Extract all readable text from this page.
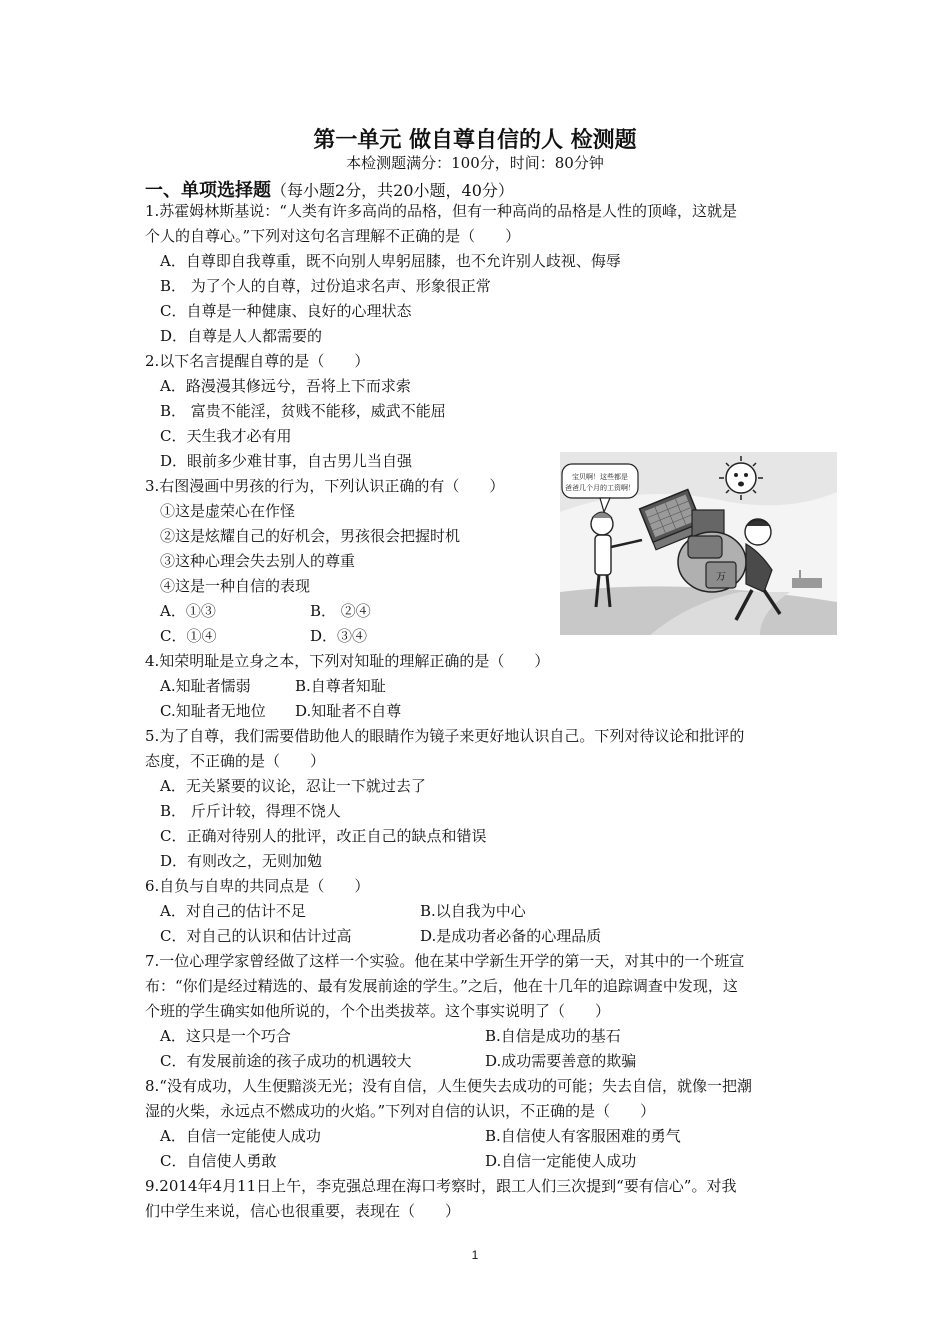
第一单元 做自尊自信的人 检测题
本检测题满分：100分，时间：80分钟
一、单项选择题（每小题2分，共20小题，40分）
1.苏霍姆林斯基说：“人类有许多高尚的品格，但有一种高尚的品格是人性的顶峰，这就是
个人的自尊心。”下列对这句名言理解不正确的是（　　）
A．自尊即自我尊重，既不向别人卑躬屈膝，也不允许别人歧视、侮辱
B． 为了个人的自尊，过份追求名声、形象很正常
C．自尊是一种健康、良好的心理状态
D．自尊是人人都需要的
2.以下名言提醒自尊的是（　　）
A．路漫漫其修远兮，吾将上下而求索
B． 富贵不能淫，贫贱不能移，威武不能屈
C．天生我才必有用
D．眼前多少难甘事，自古男儿当自强
3.右图漫画中男孩的行为，下列认识正确的有（　　）
①这是虚荣心在作怪
②这是炫耀自己的好机会，男孩很会把握时机
③这种心理会失去别人的尊重
④这是一种自信的表现
A．①③	B． ②④
C．①④	D．③④
宝贝啊！这些都是
爸爸几个月的工资啊！
万
4.知荣明耻是立身之本，下列对知耻的理解正确的是（　　）
A.知耻者懦弱	B.自尊者知耻
C.知耻者无地位 D.知耻者不自尊
5.为了自尊，我们需要借助他人的眼睛作为镜子来更好地认识自己。下列对待议论和批评的
态度，不正确的是（　　）
A．无关紧要的议论，忍让一下就过去了
B． 斤斤计较，得理不饶人
C．正确对待别人的批评，改正自己的缺点和错误
D．有则改之，无则加勉
6.自负与自卑的共同点是（　　）
A．对自己的估计不足	B.以自我为中心
C．对自己的认识和估计过高	D.是成功者必备的心理品质
7.一位心理学家曾经做了这样一个实验。他在某中学新生开学的第一天，对其中的一个班宣
布：“你们是经过精选的、最有发展前途的学生。”之后，他在十几年的追踪调查中发现，这
个班的学生确实如他所说的，个个出类拔萃。这个事实说明了（　　）
A．这只是一个巧合	B.自信是成功的基石
C．有发展前途的孩子成功的机遇较大	D.成功需要善意的欺骗
8.“没有成功，人生便黯淡无光；没有自信，人生便失去成功的可能；失去自信，就像一把潮
湿的火柴，永远点不燃成功的火焰。”下列对自信的认识，不正确的是（　　）
A．自信一定能使人成功	B.自信使人有客服困难的勇气
C．自信使人勇敢	D.自信一定能使人成功
9.2014年4月11日上午，李克强总理在海口考察时，跟工人们三次提到“要有信心”。对我
们中学生来说，信心也很重要，表现在（　　）
1
